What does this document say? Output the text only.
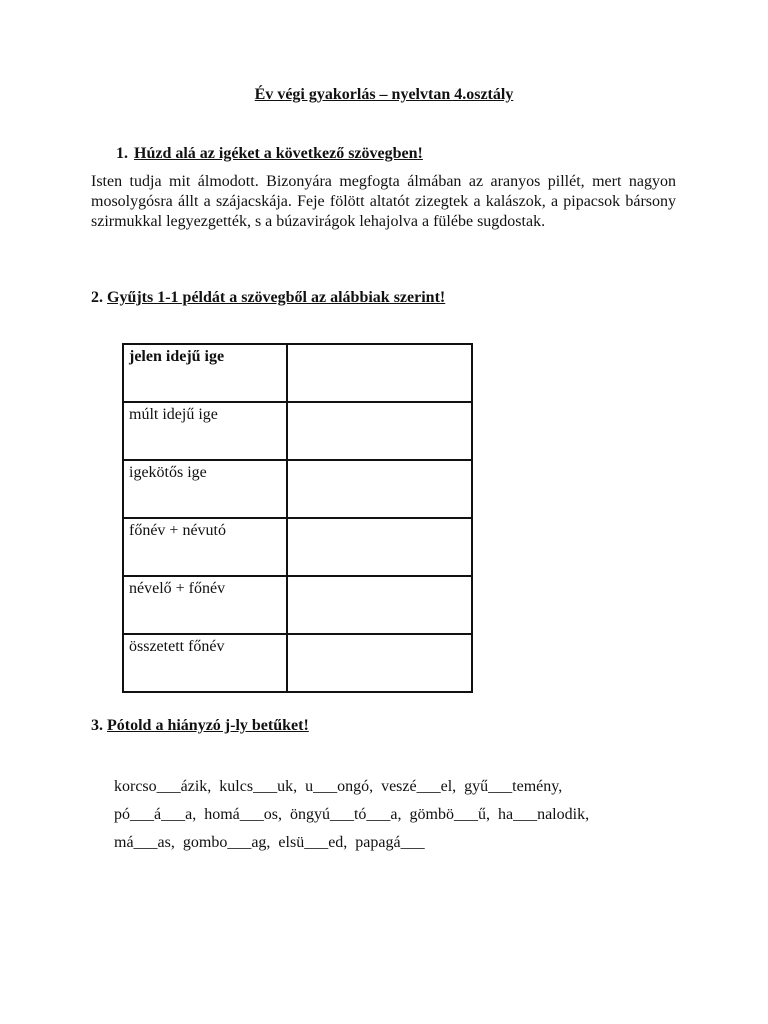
Év végi gyakorlás – nyelvtan 4.osztály
1. Húzd alá az igéket a következő szövegben!
Isten tudja mit álmodott. Bizonyára megfogta álmában az aranyos pillét, mert nagyon mosolygósra állt a szájacskája. Feje fölött altatót zizegtek a kalászok, a pipacsok bársony szirmukkal legyezgették, s a búzavirágok lehajolva a fülébe sugdostak.
2. Gyűjts 1-1 példát a szövegből az alábbiak szerint!
jelen idejű ige	
múlt idejű ige	
igekötős ige	
főnév + névutó	
névelő + főnév	
összetett főnév	
3. Pótold a hiányzó j-ly betűket!
korcso___ázik,  kulcs___uk,  u___ongó,  veszé___el,  gyű___temény,
pó___á___a,  homá___os,  öngyú___tó___a,  gömbö___ű,  ha___nalodik,
má___as,  gombo___ag,  elsü___ed,  papagá___
